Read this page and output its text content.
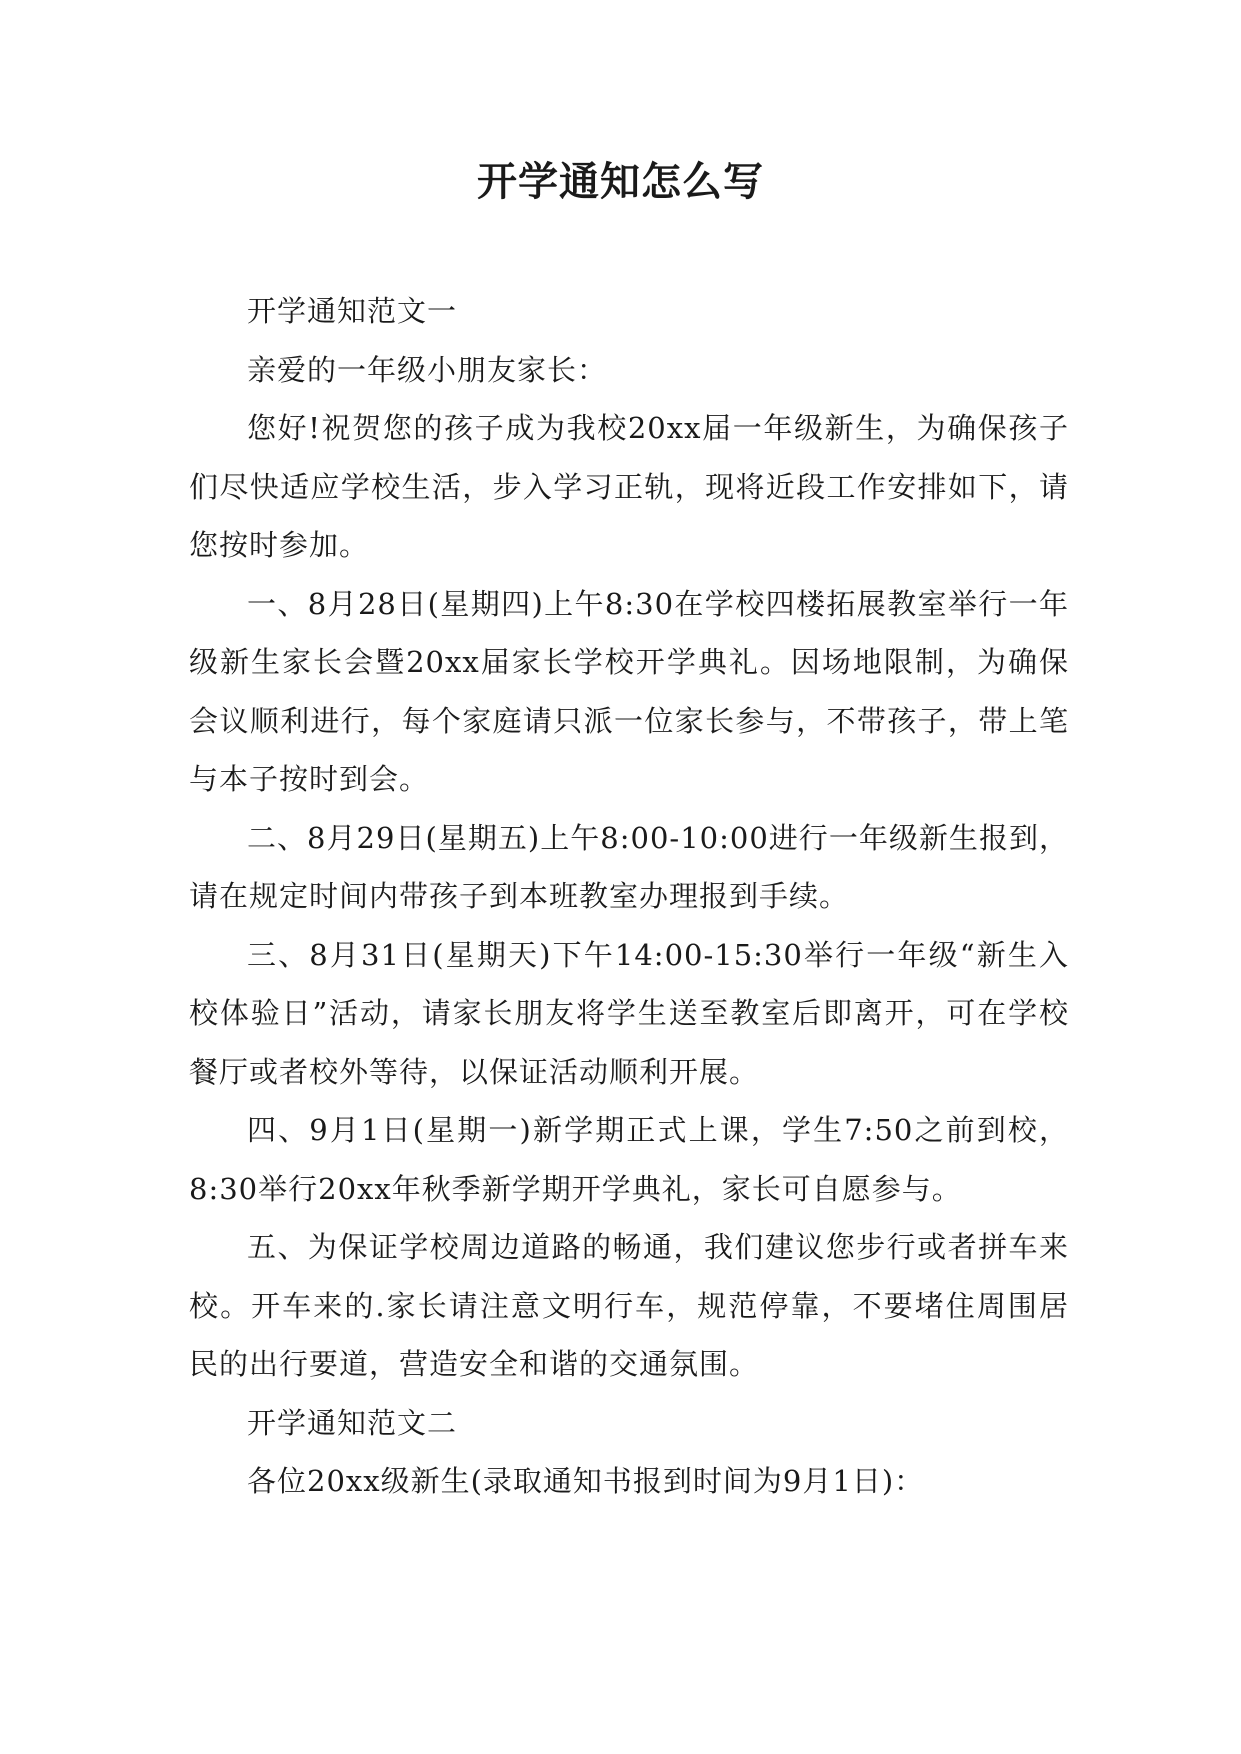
开学通知怎么写

开学通知范文一

亲爱的一年级小朋友家长：

您好!祝贺您的孩子成为我校20xx届一年级新生，为确保孩子们尽快适应学校生活，步入学习正轨，现将近段工作安排如下，请您按时参加。

一、8月28日(星期四)上午8:30在学校四楼拓展教室举行一年级新生家长会暨20xx届家长学校开学典礼。因场地限制，为确保会议顺利进行，每个家庭请只派一位家长参与，不带孩子，带上笔与本子按时到会。

二、8月29日(星期五)上午8:00-10:00进行一年级新生报到，请在规定时间内带孩子到本班教室办理报到手续。

三、8月31日(星期天)下午14:00-15:30举行一年级“新生入校体验日”活动，请家长朋友将学生送至教室后即离开，可在学校餐厅或者校外等待，以保证活动顺利开展。

四、9月1日(星期一)新学期正式上课，学生7:50之前到校，8:30举行20xx年秋季新学期开学典礼，家长可自愿参与。

五、为保证学校周边道路的畅通，我们建议您步行或者拼车来校。开车来的.家长请注意文明行车，规范停靠，不要堵住周围居民的出行要道，营造安全和谐的交通氛围。

开学通知范文二

各位20xx级新生(录取通知书报到时间为9月1日)：
